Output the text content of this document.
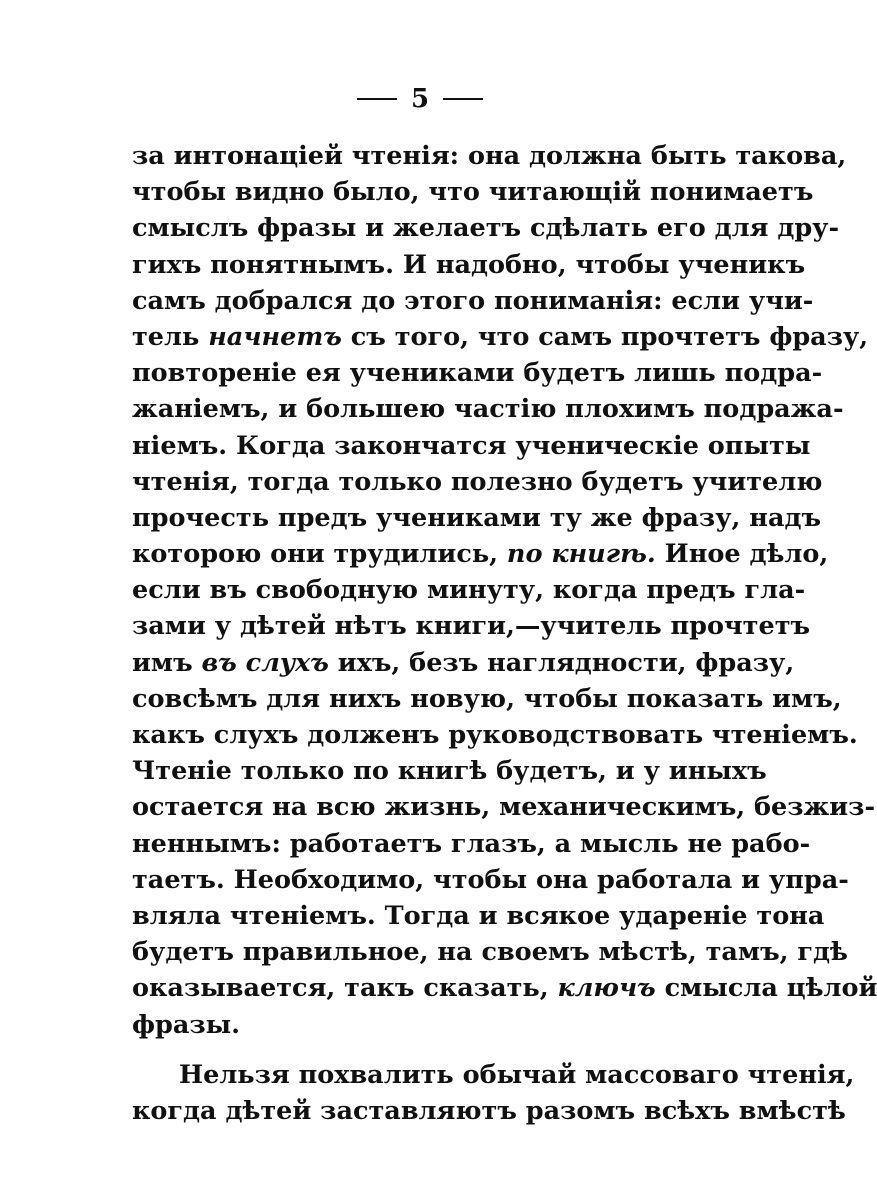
5
за интонаціей чтенія: она должна быть такова,
чтобы видно было, что читающій понимаетъ
смыслъ фразы и желаетъ сдѣлать его для дру-
гихъ понятнымъ. И надобно, чтобы ученикъ
самъ добрался до этого пониманія: если учи-
тель начнетъ съ того, что самъ прочтетъ фразу,
повтореніе ея учениками будетъ лишь подра-
жаніемъ, и большею частію плохимъ подража-
ніемъ. Когда закончатся ученическіе опыты
чтенія, тогда только полезно будетъ учителю
прочесть предъ учениками ту же фразу, надъ
которою они трудились, по книгѣ. Иное дѣло,
если въ свободную минуту, когда предъ гла-
зами у дѣтей нѣтъ книги,—учитель прочтетъ
имъ въ слухъ ихъ, безъ наглядности, фразу,
совсѣмъ для нихъ новую, чтобы показать имъ,
какъ слухъ долженъ руководствовать чтеніемъ.
Чтеніе только по книгѣ будетъ, и у иныхъ
остается на всю жизнь, механическимъ, безжиз-
неннымъ: работаетъ глазъ, а мысль не рабо-
таетъ. Необходимо, чтобы она работала и упра-
вляла чтеніемъ. Тогда и всякое удареніе тона
будетъ правильное, на своемъ мѣстѣ, тамъ, гдѣ
оказывается, такъ сказать, ключъ смысла цѣлой
фразы.
Нельзя похвалить обычай массоваго чтенія,
когда дѣтей заставляютъ разомъ всѣхъ вмѣстѣ
